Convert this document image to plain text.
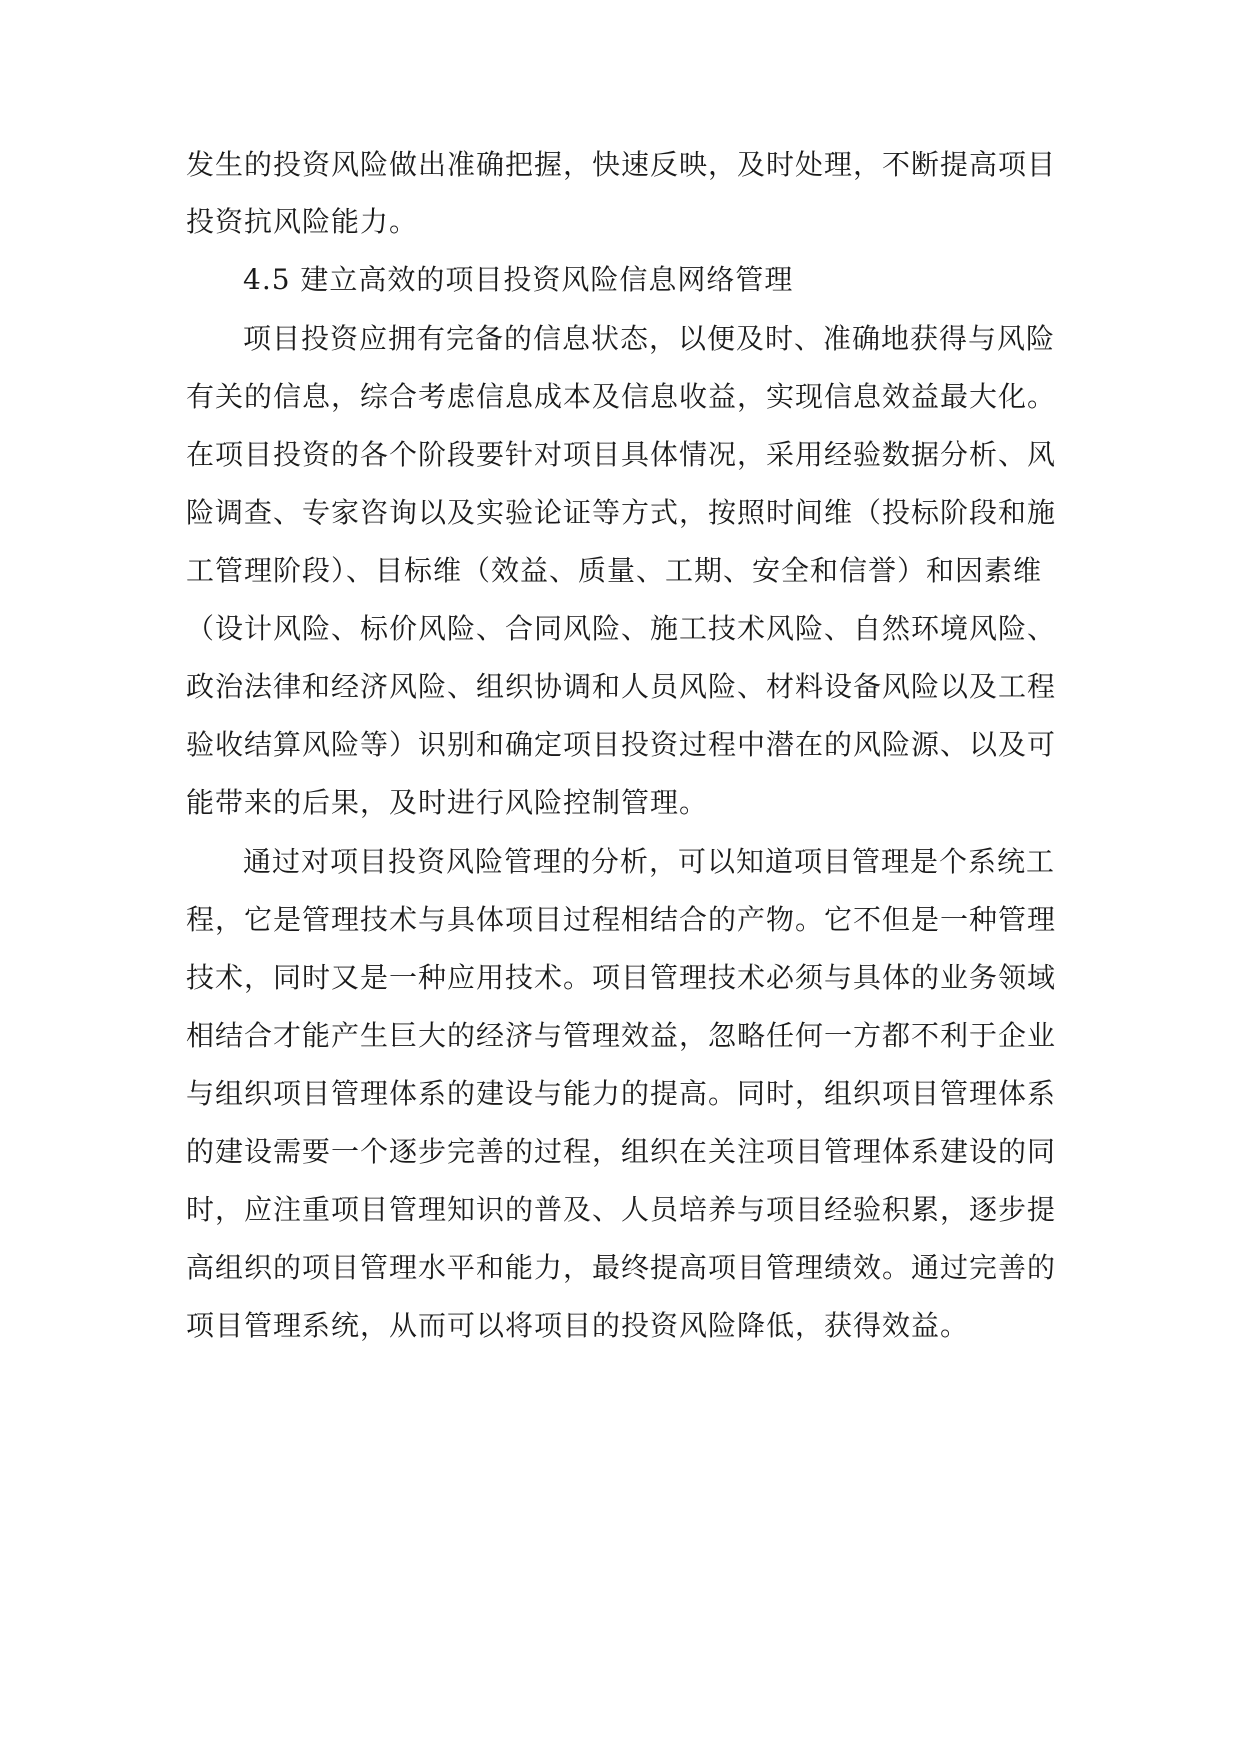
发生的投资风险做出准确把握，快速反映，及时处理，不断提高项目
投资抗风险能力。
4.5 建立高效的项目投资风险信息网络管理
项目投资应拥有完备的信息状态，以便及时、准确地获得与风险
有关的信息，综合考虑信息成本及信息收益，实现信息效益最大化。
在项目投资的各个阶段要针对项目具体情况，采用经验数据分析、风
险调查、专家咨询以及实验论证等方式，按照时间维（投标阶段和施
工管理阶段）、目标维（效益、质量、工期、安全和信誉）和因素维
（设计风险、标价风险、合同风险、施工技术风险、自然环境风险、
政治法律和经济风险、组织协调和人员风险、材料设备风险以及工程
验收结算风险等）识别和确定项目投资过程中潜在的风险源、以及可
能带来的后果，及时进行风险控制管理。
通过对项目投资风险管理的分析，可以知道项目管理是个系统工
程，它是管理技术与具体项目过程相结合的产物。它不但是一种管理
技术，同时又是一种应用技术。项目管理技术必须与具体的业务领域
相结合才能产生巨大的经济与管理效益，忽略任何一方都不利于企业
与组织项目管理体系的建设与能力的提高。同时，组织项目管理体系
的建设需要一个逐步完善的过程，组织在关注项目管理体系建设的同
时，应注重项目管理知识的普及、人员培养与项目经验积累，逐步提
高组织的项目管理水平和能力，最终提高项目管理绩效。通过完善的
项目管理系统，从而可以将项目的投资风险降低，获得效益。
